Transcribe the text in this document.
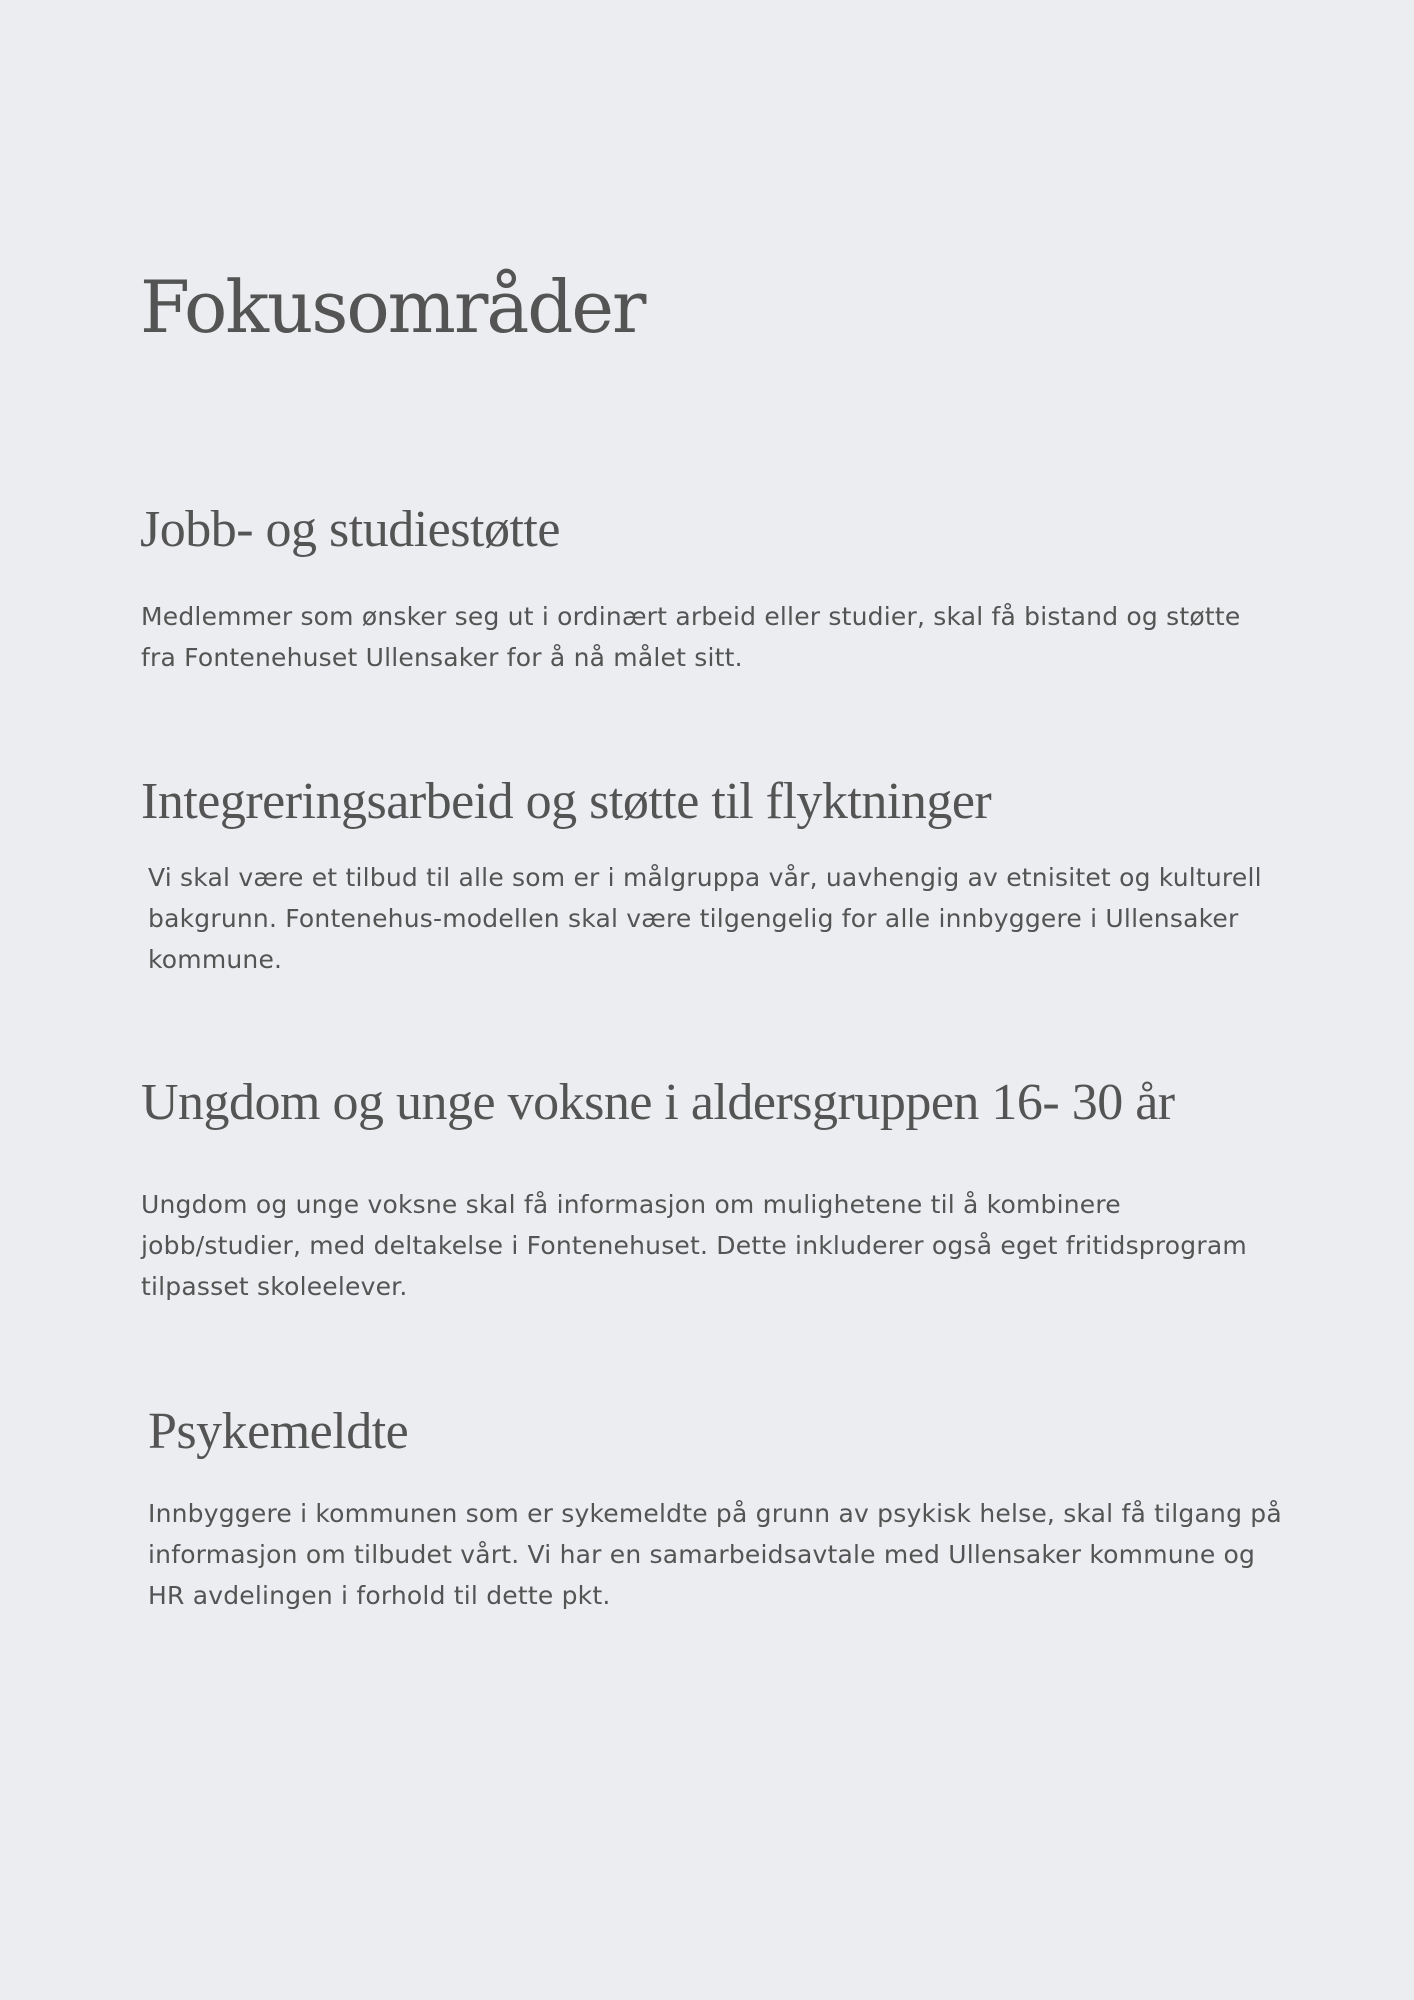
Fokusområder
Jobb- og studiestøtte

Medlemmer som ønsker seg ut i ordinært arbeid eller studier, skal få bistand og støtte fra Fontenehuset Ullensaker for å nå målet sitt.

Integreringsarbeid og støtte til flyktninger

Vi skal være et tilbud til alle som er i målgruppa vår, uavhengig av etnisitet og kulturell bakgrunn. Fontenehus-modellen skal være tilgengelig for alle innbyggere i Ullensaker kommune.

Ungdom og unge voksne i aldersgruppen 16- 30 år

Ungdom og unge voksne skal få informasjon om mulighetene til å kombinere jobb/studier, med deltakelse i Fontenehuset. Dette inkluderer også eget fritidsprogram tilpasset skoleelever.

Psykemeldte

Innbyggere i kommunen som er sykemeldte på grunn av psykisk helse, skal få tilgang på informasjon om tilbudet vårt. Vi har en samarbeidsavtale med Ullensaker kommune og HR avdelingen i forhold til dette pkt.
